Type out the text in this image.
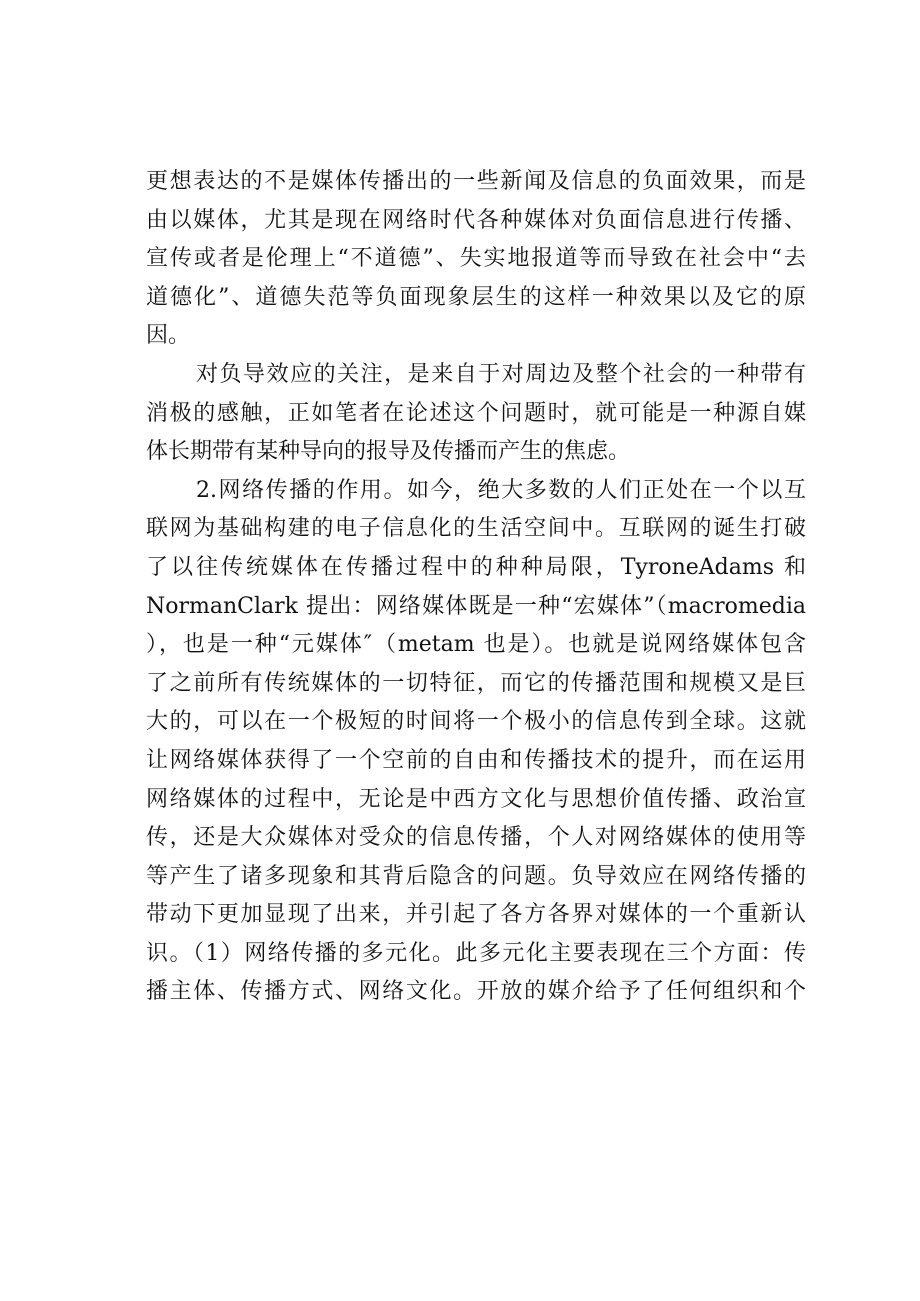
更想表达的不是媒体传播出的一些新闻及信息的负面效果，而是
由以媒体，尤其是现在网络时代各种媒体对负面信息进行传播、
宣传或者是伦理上“不道德”、失实地报道等而导致在社会中“去
道德化”、道德失范等负面现象层生的这样一种效果以及它的原
因。
对负导效应的关注，是来自于对周边及整个社会的一种带有
消极的感触，正如笔者在论述这个问题时，就可能是一种源自媒
体长期带有某种导向的报导及传播而产生的焦虑。
2.网络传播的作用。如今，绝大多数的人们正处在一个以互
联网为基础构建的电子信息化的生活空间中。互联网的诞生打破
了以往传统媒体在传播过程中的种种局限，TyroneAdams 和
NormanClark 提出：网络媒体既是一种“宏媒体”（macromedia
），也是一种“元媒体″（metam 也是）。也就是说网络媒体包含
了之前所有传统媒体的一切特征，而它的传播范围和规模又是巨
大的，可以在一个极短的时间将一个极小的信息传到全球。这就
让网络媒体获得了一个空前的自由和传播技术的提升，而在运用
网络媒体的过程中，无论是中西方文化与思想价值传播、政治宣
传，还是大众媒体对受众的信息传播，个人对网络媒体的使用等
等产生了诸多现象和其背后隐含的问题。负导效应在网络传播的
带动下更加显现了出来，并引起了各方各界对媒体的一个重新认
识。（1）网络传播的多元化。此多元化主要表现在三个方面：传
播主体、传播方式、网络文化。开放的媒介给予了任何组织和个
